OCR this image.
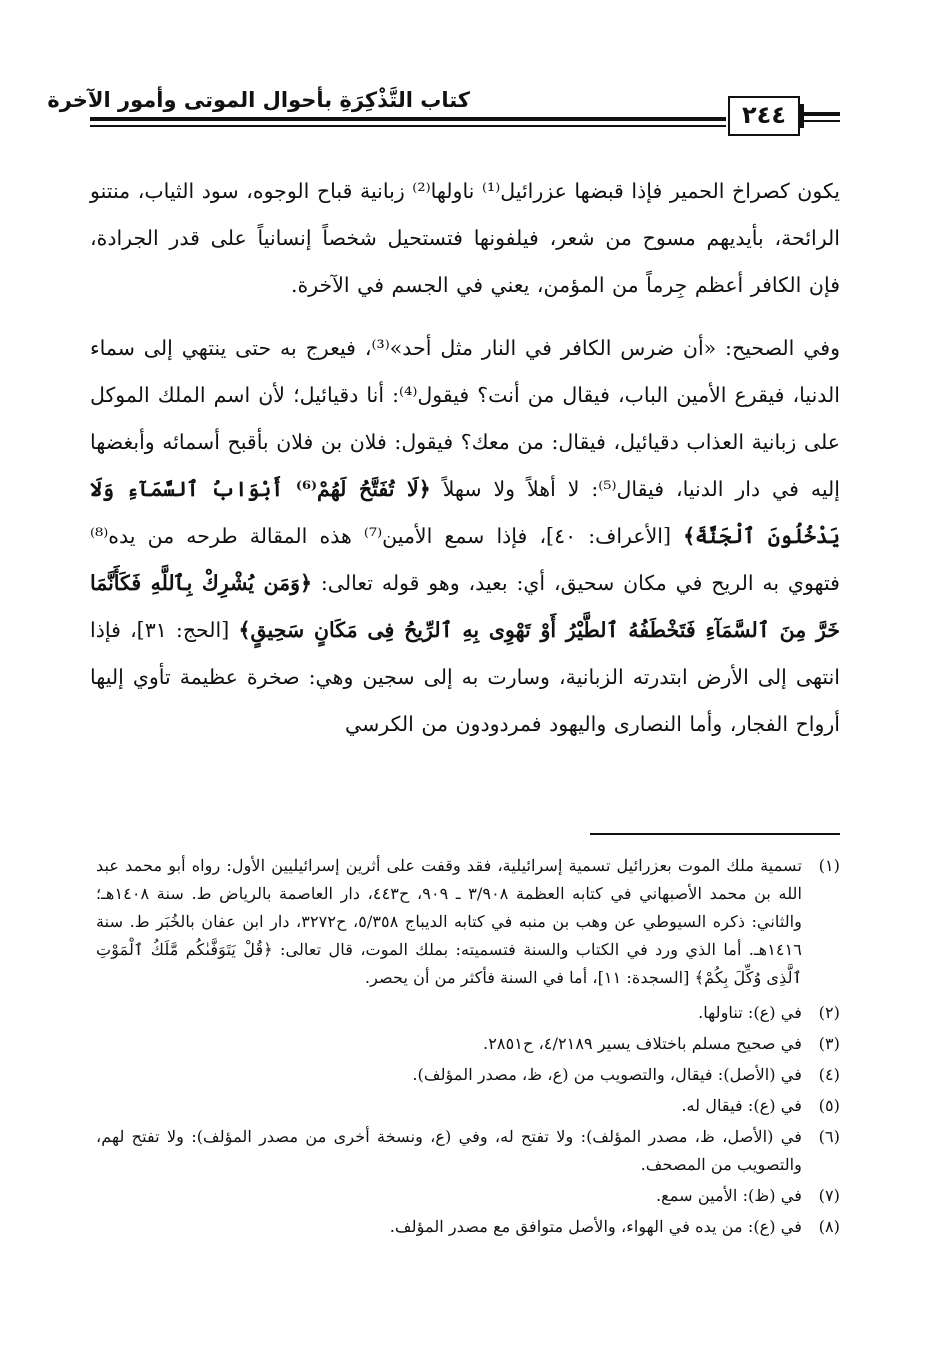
كتاب التَّذْكِرَةِ بأحوال الموتى وأمور الآخرة
٢٤٤

يكون كصراخ الحمير فإذا قبضها عزرائيل⁽¹⁾ ناولها⁽²⁾ زبانية قباح الوجوه، سود الثياب، منتنو الرائحة، بأيديهم مسوح من شعر، فيلفونها فتستحيل شخصاً إنسانياً على قدر الجرادة، فإن الكافر أعظم جِرماً من المؤمن، يعني في الجسم في الآخرة.

وفي الصحيح: «أن ضرس الكافر في النار مثل أحد»⁽³⁾، فيعرج به حتى ينتهي إلى سماء الدنيا، فيقرع الأمين الباب، فيقال من أنت؟ فيقول⁽⁴⁾: أنا دقيائيل؛ لأن اسم الملك الموكل على زبانية العذاب دقيائيل، فيقال: من معك؟ فيقول: فلان بن فلان بأقبح أسمائه وأبغضها إليه في دار الدنيا، فيقال⁽⁵⁾: لا أهلاً ولا سهلاً ﴿لَا تُفَتَّحُ لَهُمْ⁽⁶⁾ أَبْوَابُ ٱلسَّمَآءِ وَلَا يَدْخُلُونَ ٱلْجَنَّةَ﴾ [الأعراف: ٤٠]، فإذا سمع الأمين⁽⁷⁾ هذه المقالة طرحه من يده⁽⁸⁾ فتهوي به الريح في مكان سحيق، أي: بعيد، وهو قوله تعالى: ﴿وَمَن يُشْرِكْ بِٱللَّهِ فَكَأَنَّمَا خَرَّ مِنَ ٱلسَّمَآءِ فَتَخْطَفُهُ ٱلطَّيْرُ أَوْ تَهْوِى بِهِ ٱلرِّيحُ فِى مَكَانٍ سَحِيقٍ﴾ [الحج: ٣١]، فإذا انتهى إلى الأرض ابتدرته الزبانية، وسارت به إلى سجين وهي: صخرة عظيمة تأوي إليها أرواح الفجار، وأما النصارى واليهود فمردودون من الكرسي

(١)
تسمية ملك الموت بعزرائيل تسمية إسرائيلية، فقد وقفت على أثرين إسرائيليين الأول: رواه أبو محمد عبد الله بن محمد الأصبهاني في كتابه العظمة ٣/٩٠٨ ـ ٩٠٩، ح٤٤٣، دار العاصمة بالرياض ط. سنة ١٤٠٨هـ؛ والثاني: ذكره السيوطي عن وهب بن منبه في كتابه الديباج ٥/٣٥٨، ح٣٢٧٢، دار ابن عفان بالخُبَر ط. سنة ١٤١٦هـ. أما الذي ورد في الكتاب والسنة فتسميته: بملك الموت، قال تعالى: ﴿قُلْ يَتَوَفَّىٰكُم مَّلَكُ ٱلْمَوْتِ ٱلَّذِى وُكِّلَ بِكُمْ﴾ [السجدة: ١١]، أما في السنة فأكثر من أن يحصر.
(٢)
في (ع): تناولها.
(٣)
في صحيح مسلم باختلاف يسير ٤/٢١٨٩، ح٢٨٥١.
(٤)
في (الأصل): فيقال، والتصويب من (ع، ظ، مصدر المؤلف).
(٥)
في (ع): فيقال له.
(٦)
في (الأصل، ظ، مصدر المؤلف): ولا تفتح له، وفي (ع، ونسخة أخرى من مصدر المؤلف): ولا تفتح لهم، والتصويب من المصحف.
(٧)
في (ظ): الأمين سمع.
(٨)
في (ع): من يده في الهواء، والأصل متوافق مع مصدر المؤلف.
